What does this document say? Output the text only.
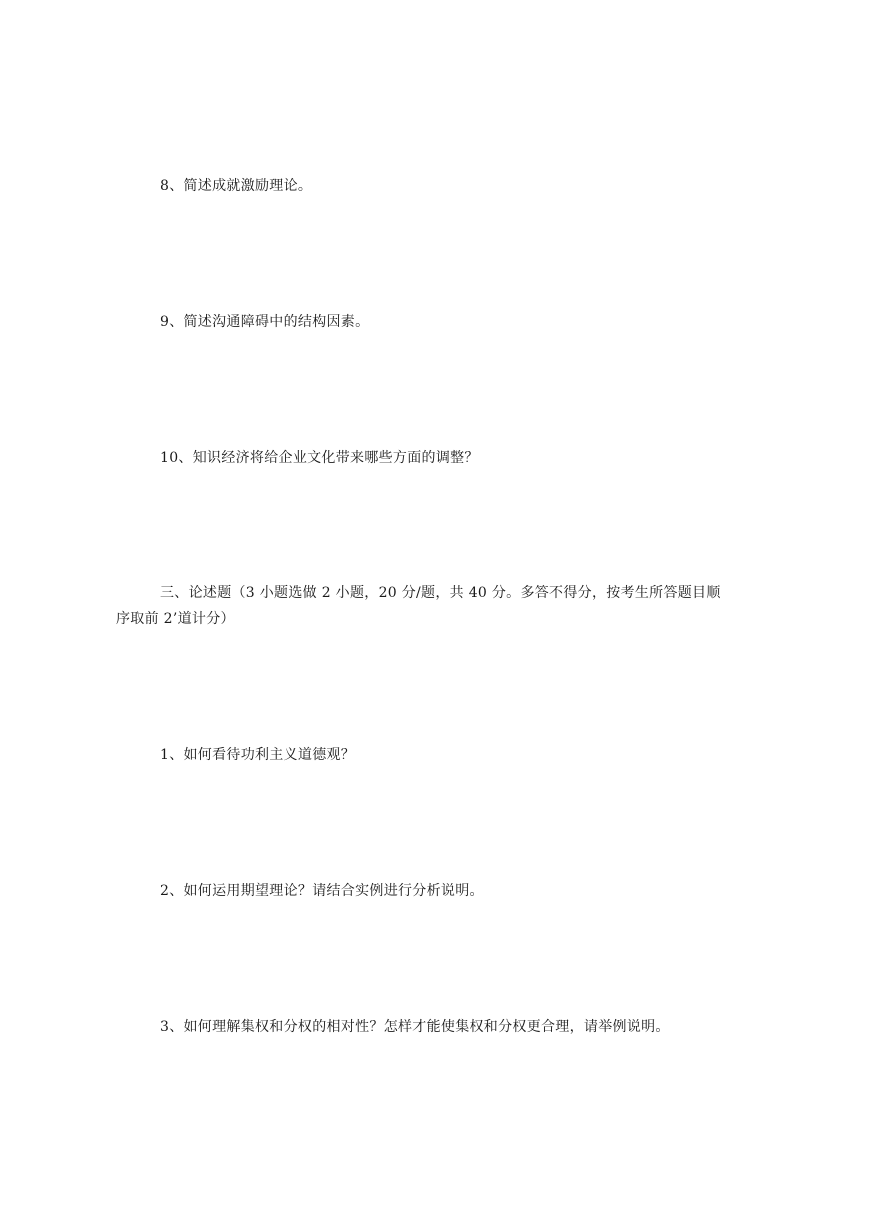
8、简述成就激励理论。
9、简述沟通障碍中的结构因素。
10、知识经济将给企业文化带来哪些方面的调整？
三、论述题（3 小题选做 2 小题，20 分/题，共 40 分。多答不得分，按考生所答题目顺
序取前 2’道计分）
1、如何看待功利主义道德观？
2、如何运用期望理论？请结合实例进行分析说明。
3、如何理解集权和分权的相对性？怎样才能使集权和分权更合理，请举例说明。
